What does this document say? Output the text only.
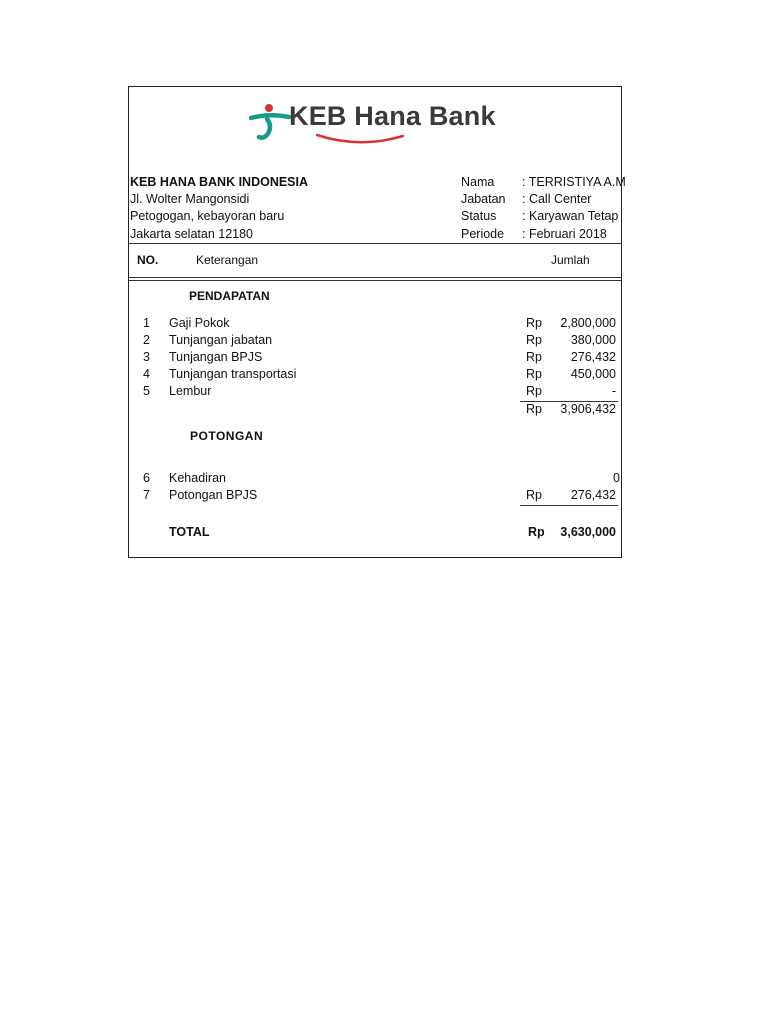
KEB Hana Bank
KEB HANA BANK INDONESIA
Jl. Wolter Mangonsidi
Petogogan, kebayoran baru
Jakarta selatan 12180
Nama : TERRISTIYA A.M
Jabatan : Call Center
Status : Karyawan Tetap
Periode : Februari 2018
NO.	Keterangan	Jumlah
PENDAPATAN
1 Gaji Pokok	Rp 2,800,000
2 Tunjangan jabatan	Rp 380,000
3 Tunjangan BPJS	Rp 276,432
4 Tunjangan transportasi	Rp 450,000
5 Lembur	Rp	-
Rp 3,906,432
POTONGAN
6 Kehadiran	0
7 Potongan BPJS	Rp 276,432
TOTAL	Rp 3,630,000
